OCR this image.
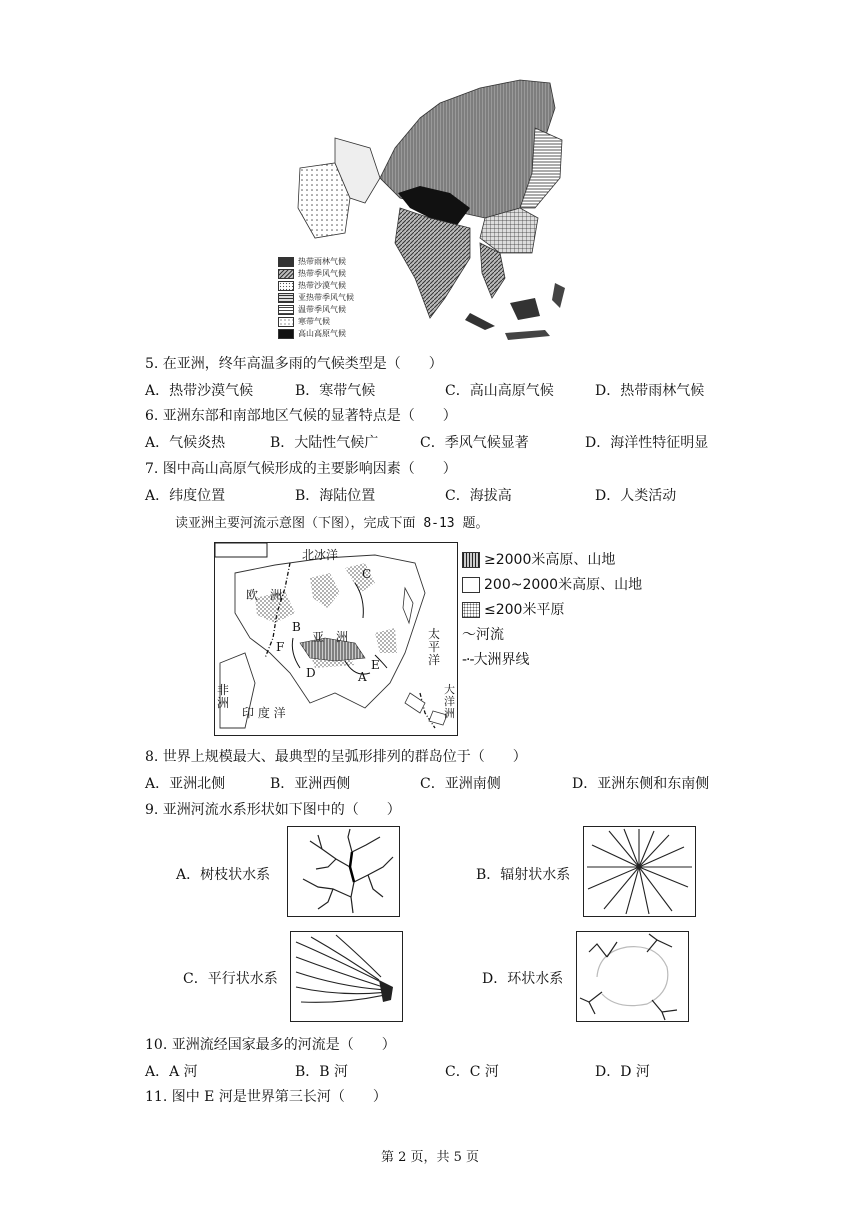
热带雨林气候
热带季风气候
热带沙漠气候
亚热带季风气候
温带季风气候
寒带气候
高山高原气候
5. 在亚洲，终年高温多雨的气候类型是（　　）
A．热带沙漠气候	B．寒带气候	C．高山高原气候	D．热带雨林气候
6. 亚洲东部和南部地区气候的显著特点是（　　）
A．气候炎热	B．大陆性气候广	C．季风气候显著	D．海洋性特征明显
7. 图中高山高原气候形成的主要影响因素（　　）
A．纬度位置	B．海陆位置	C．海拔高	D．人类活动
读亚洲主要河流示意图（下图），完成下面 8-13 题。
北冰洋
欧　洲
亚　洲	太
平
洋
非
洲
印 度 洋
大
洋
洲
C
B
F
D
E
A
≥2000米高原、山地
200~2000米高原、山地
≤200米平原
〜河流
-·-大洲界线
8. 世界上规模最大、最典型的呈弧形排列的群岛位于（　　）
A．亚洲北侧	B．亚洲西侧	C．亚洲南侧	D．亚洲东侧和东南侧
9. 亚洲河流水系形状如下图中的（　　）
A．树枝状水系	B．辐射状水系
C．平行状水系	D．环状水系
10. 亚洲流经国家最多的河流是（　　）
A．A 河	B．B 河	C．C 河	D．D 河
11. 图中 E 河是世界第三长河（　　）
第 2 页，共 5 页
